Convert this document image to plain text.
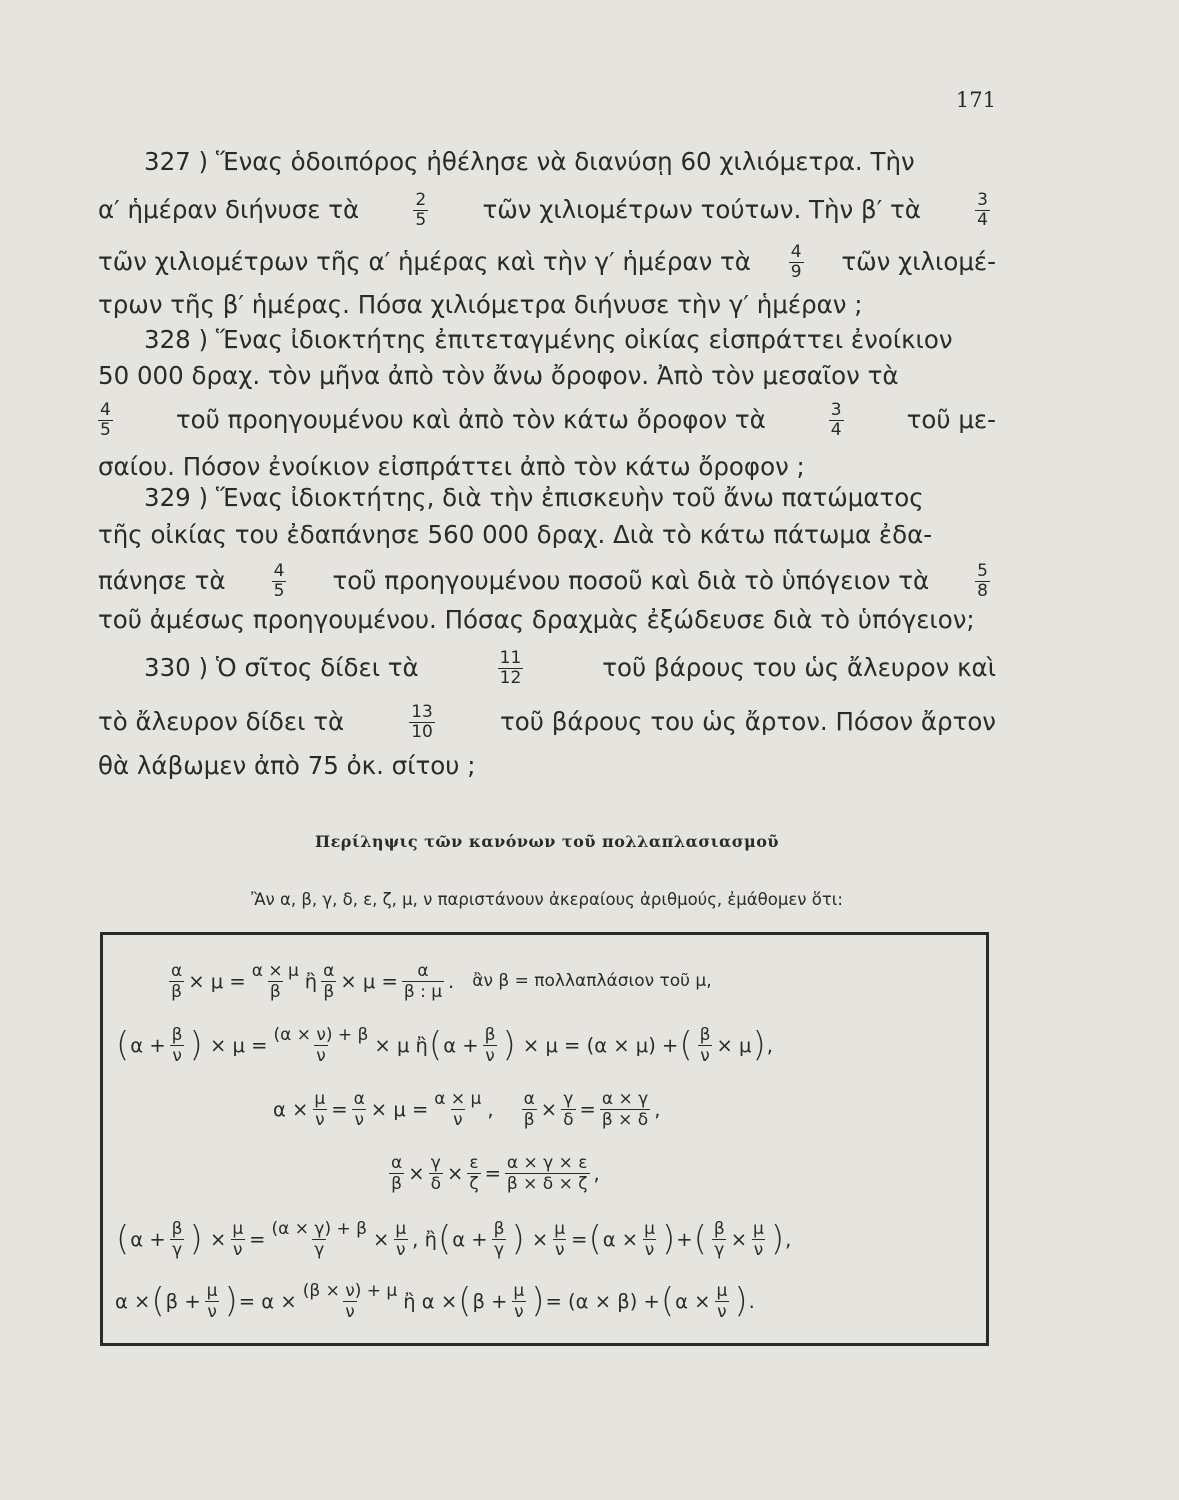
171
327 ) Ἕνας ὁδοιπόρος ἠθέλησε νὰ διανύσῃ 60 χιλιόμετρα. Τὴν
α′ ἡμέραν διήνυσε τὰ	$\frac{2}{5}$ τῶν χιλιομέτρων τούτων. Τὴν β′ τὰ	$\frac{3}{4}$
τῶν χιλιομέτρων τῆς α′ ἡμέρας καὶ τὴν γ′ ἡμέραν τὰ $\frac{4}{9}$ τῶν χιλιομέ-
τρων τῆς β′ ἡμέρας. Πόσα χιλιόμετρα διήνυσε τὴν γ′ ἡμέραν ;
328 ) Ἕνας ἰδιοκτήτης ἐπιτεταγμένης οἰκίας εἰσπράττει ἐνοίκιον
50 000 δραχ. τὸν μῆνα ἀπὸ τὸν ἄνω ὄροφον. Ἀπὸ τὸν μεσαῖον τὰ
$\frac{4}{5}$	τοῦ προηγουμένου καὶ ἀπὸ τὸν κάτω ὄροφον τὰ	$\frac{3}{4}$	τοῦ με-
σαίου. Πόσον ἐνοίκιον εἰσπράττει ἀπὸ τὸν κάτω ὄροφον ;
329 ) Ἕνας ἰδιοκτήτης, διὰ τὴν ἐπισκευὴν τοῦ ἄνω πατώματος
τῆς οἰκίας του ἐδαπάνησε 560 000 δραχ. Διὰ τὸ κάτω πάτωμα ἐδα-
πάνησε τὰ	$\frac{4}{5}$ τοῦ προηγουμένου ποσοῦ καὶ διὰ τὸ ὑπόγειον τὰ	$\frac{5}{8}$
τοῦ ἀμέσως προηγουμένου. Πόσας δραχμὰς ἐξώδευσε διὰ τὸ ὑπόγειον;
330 ) Ὁ σῖτος δίδει τὰ	$\frac{11}{12}$	τοῦ βάρους του ὡς ἄλευρον καὶ
τὸ ἄλευρον δίδει τὰ	$\frac{13}{10}$	τοῦ βάρους του ὡς ἄρτον. Πόσον ἄρτον
θὰ λάβωμεν ἀπὸ 75 ὀκ. σίτου ;
Περίληψις τῶν κανόνων τοῦ πολλαπλασιασμοῦ
Ἂν α, β, γ, δ, ε, ζ, μ, ν παριστάνουν ἀκεραίους ἀριθμούς, ἐμάθομεν ὅτι:
$\frac{\alpha}{\beta} \times \mu = \frac{\alpha \times \mu}{\beta}$ ἢ $\frac{\alpha}{\beta} \times \mu = \frac{\alpha}{\beta : \mu}$ . ἂν β = πολλαπλάσιον τοῦ μ,
( $\alpha + \frac{\beta}{\nu}$ ) × $\mu = \frac{(\alpha \times \nu) + \beta}{\nu} \times \mu$ ἢ ( $\alpha + \frac{\beta}{\nu}$ ) × μ = (α × μ) + ( $\frac{\beta}{\nu} \times \mu$ ) ,
$\alpha \times \frac{\mu}{\nu} = \frac{\alpha}{\nu} \times \mu = \frac{\alpha \times \mu}{\nu}$ , $\frac{\alpha}{\beta} \times \frac{\gamma}{\delta} = \frac{\alpha \times \gamma}{\beta \times \delta}$ ,
$\frac{\alpha}{\beta} \times \frac{\gamma}{\delta} \times \frac{\varepsilon}{\zeta} = \frac{\alpha \times \gamma \times \varepsilon}{\beta \times \delta \times \zeta}$ ,
( $\alpha + \frac{\beta}{\gamma}$ ) × $\frac{\mu}{\nu} = \frac{(\alpha \times \gamma) + \beta}{\gamma} \times \frac{\mu}{\nu}$ , ἢ ( $\alpha + \frac{\beta}{\gamma}$ ) × $\frac{\mu}{\nu}$ = ( $\alpha \times \frac{\mu}{\nu}$ ) + ( $\frac{\beta}{\gamma} \times \frac{\mu}{\nu}$ ) ,
α × ( $\beta + \frac{\mu}{\nu}$ ) = $\alpha \times \frac{(\beta \times \nu) + \mu}{\nu}$ ἢ α × ( $\beta + \frac{\mu}{\nu}$ ) = (α × β) + ( $\alpha \times \frac{\mu}{\nu}$ ) .
